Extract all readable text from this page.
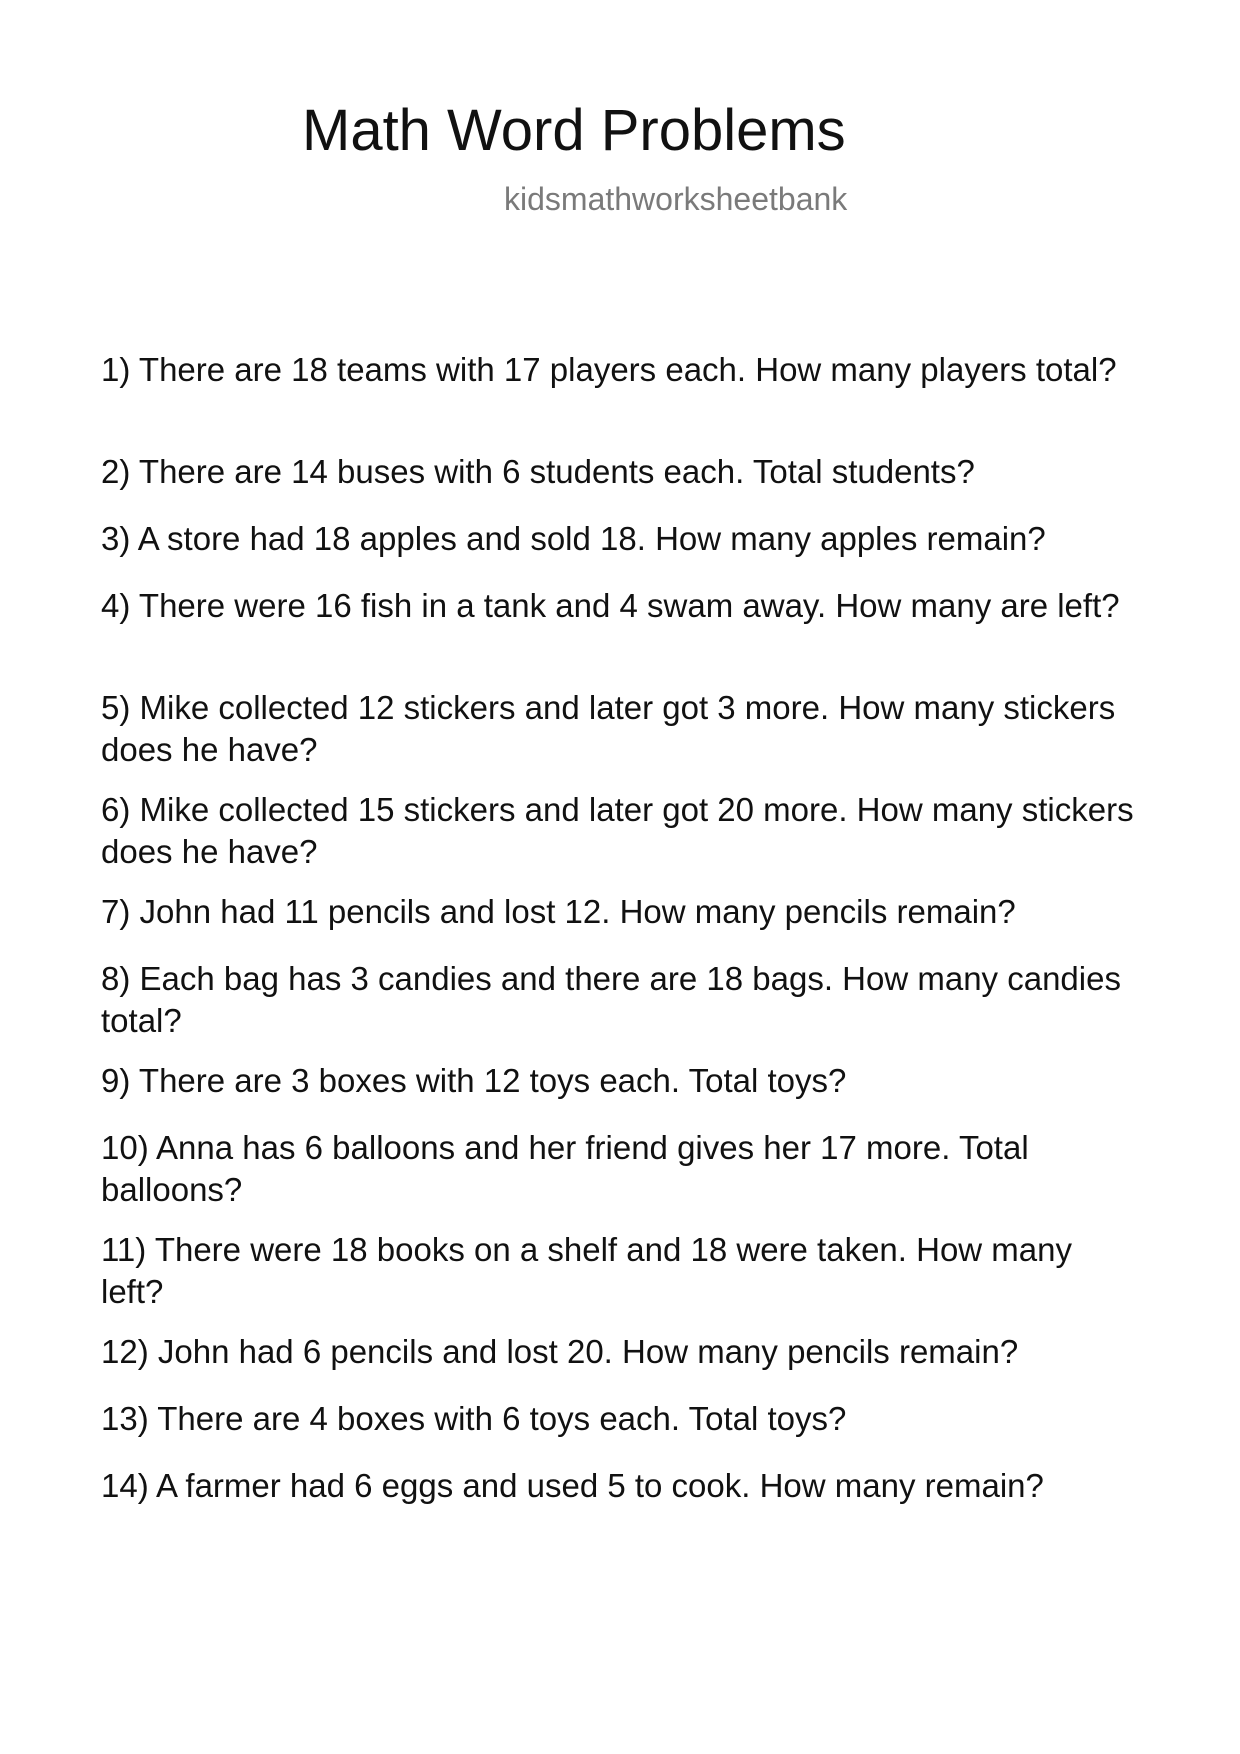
Math Word Problems

kidsmathworksheetbank

1) There are 18 teams with 17 players each. How many players total?
2) There are 14 buses with 6 students each. Total students?
3) A store had 18 apples and sold 18. How many apples remain?
4) There were 16 fish in a tank and 4 swam away. How many are left?
5) Mike collected 12 stickers and later got 3 more. How many stickers does he have?
6) Mike collected 15 stickers and later got 20 more. How many stickers does he have?
7) John had 11 pencils and lost 12. How many pencils remain?
8) Each bag has 3 candies and there are 18 bags. How many candies total?
9) There are 3 boxes with 12 toys each. Total toys?
10) Anna has 6 balloons and her friend gives her 17 more. Total balloons?
11) There were 18 books on a shelf and 18 were taken. How many left?
12) John had 6 pencils and lost 20. How many pencils remain?
13) There are 4 boxes with 6 toys each. Total toys?
14) A farmer had 6 eggs and used 5 to cook. How many remain?
